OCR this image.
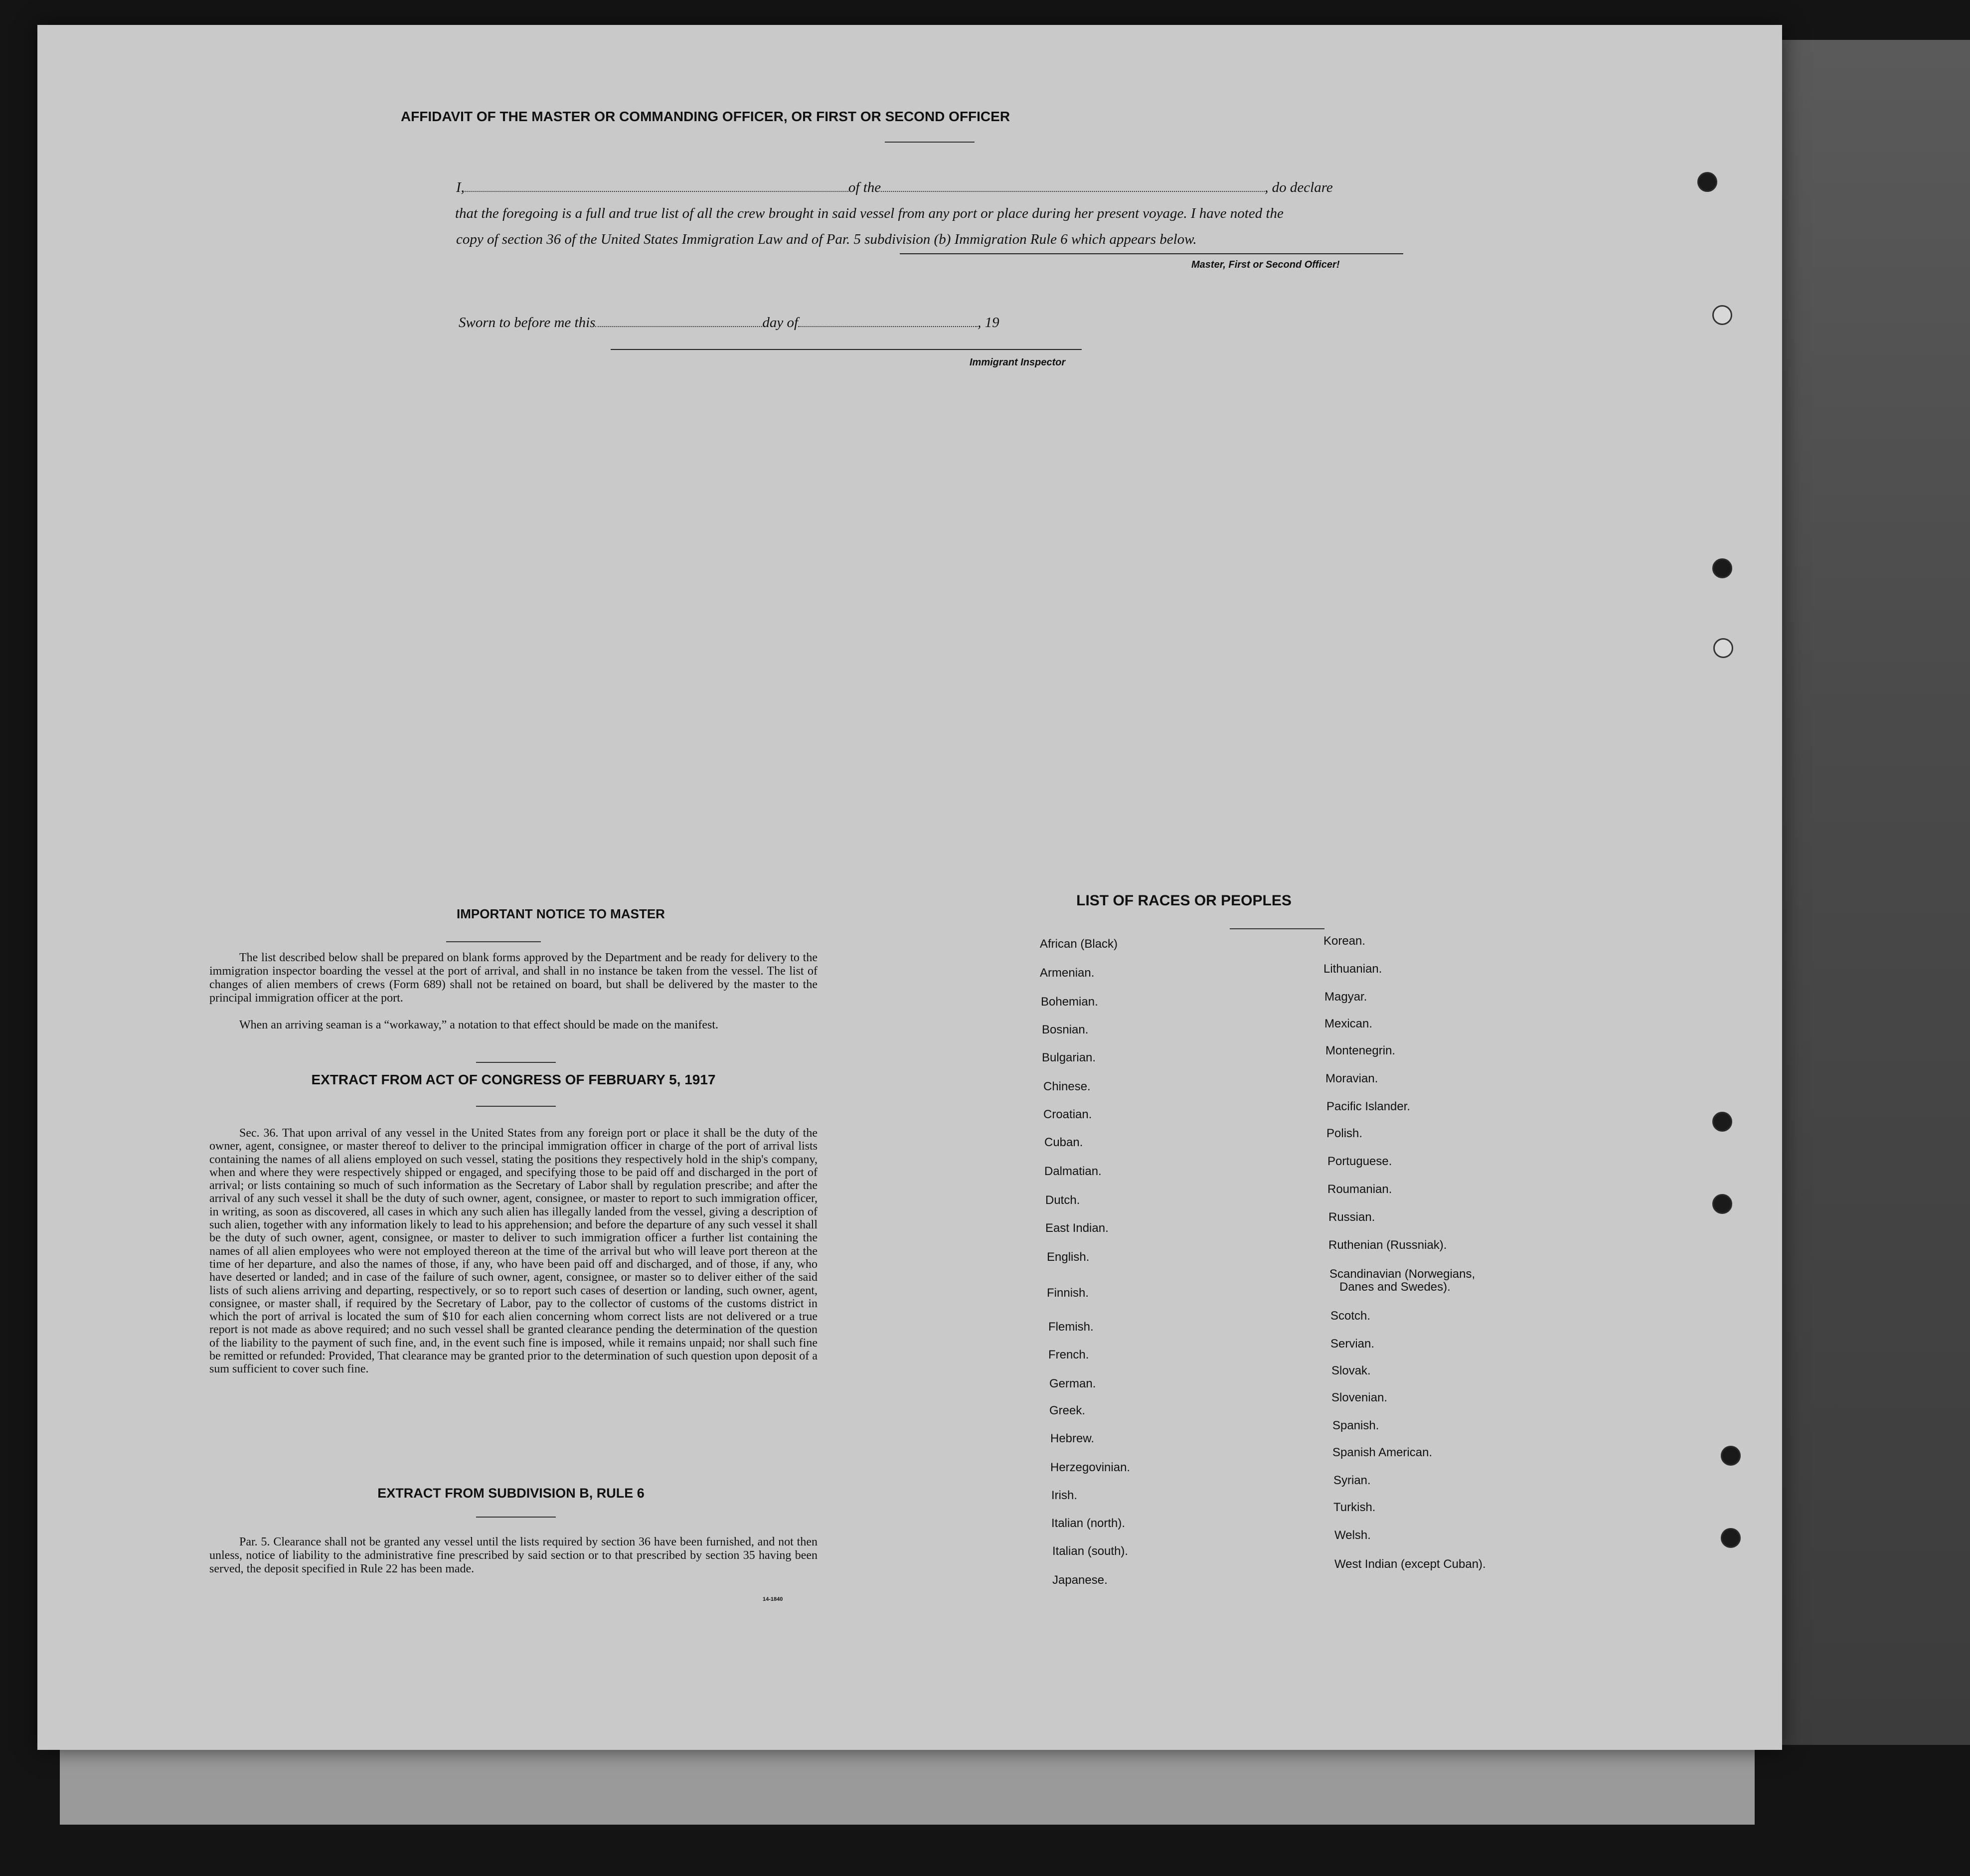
AFFIDAVIT OF THE MASTER OR COMMANDING OFFICER, OR FIRST OR SECOND OFFICER
I,	of the	, do declare
that the foregoing is a full and true list of all the crew brought in said vessel from any port or place during her present voyage. I have noted the
copy of section 36 of the United States Immigration Law and of Par. 5 subdivision (b) Immigration Rule 6 which appears below.
Master, First or Second Officer!
Sworn to before me this	day of	, 19
Immigrant Inspector
IMPORTANT NOTICE TO MASTER
The list described below shall be prepared on blank forms approved by the Department and be ready for delivery to the immigration inspector boarding the vessel at the port of arrival, and shall in no instance be taken from the vessel. The list of changes of alien members of crews (Form 689) shall not be retained on board, but shall be delivered by the master to the principal immigration officer at the port.
When an arriving seaman is a “workaway,” a notation to that effect should be made on the manifest.
EXTRACT FROM ACT OF CONGRESS OF FEBRUARY 5, 1917
Sec. 36. That upon arrival of any vessel in the United States from any foreign port or place it shall be the duty of the owner, agent, consignee, or master thereof to deliver to the principal immigration officer in charge of the port of arrival lists containing the names of all aliens employed on such vessel, stating the positions they respectively hold in the ship's company, when and where they were respectively shipped or engaged, and specifying those to be paid off and discharged in the port of arrival; or lists containing so much of such information as the Secretary of Labor shall by regulation prescribe; and after the arrival of any such vessel it shall be the duty of such owner, agent, consignee, or master to report to such immigration officer, in writing, as soon as discovered, all cases in which any such alien has illegally landed from the vessel, giving a description of such alien, together with any information likely to lead to his apprehension; and before the departure of any such vessel it shall be the duty of such owner, agent, consignee, or master to deliver to such immigration officer a further list containing the names of all alien employees who were not employed thereon at the time of the arrival but who will leave port thereon at the time of her departure, and also the names of those, if any, who have been paid off and discharged, and of those, if any, who have deserted or landed; and in case of the failure of such owner, agent, consignee, or master so to deliver either of the said lists of such aliens arriving and departing, respectively, or so to report such cases of desertion or landing, such owner, agent, consignee, or master shall, if required by the Secretary of Labor, pay to the collector of customs of the customs district in which the port of arrival is located the sum of $10 for each alien concerning whom correct lists are not delivered or a true report is not made as above required; and no such vessel shall be granted clearance pending the determination of the question of the liability to the payment of such fine, and, in the event such fine is imposed, while it remains unpaid; nor shall such fine be remitted or refunded: Provided, That clearance may be granted prior to the determination of such question upon deposit of a sum sufficient to cover such fine.
EXTRACT FROM SUBDIVISION B, RULE 6
Par. 5. Clearance shall not be granted any vessel until the lists required by section 36 have been furnished, and not then unless, notice of liability to the administrative fine prescribed by said section or to that prescribed by section 35 having been served, the deposit specified in Rule 22 has been made.
14-1840
LIST OF RACES OR PEOPLES
African (Black)
Armenian.
Bohemian.
Bosnian.
Bulgarian.
Chinese.
Croatian.
Cuban.
Dalmatian.
Dutch.
East Indian.
English.
Finnish.
Flemish.
French.
German.
Greek.
Hebrew.
Herzegovinian.
Irish.
Italian (north).
Italian (south).
Japanese.
Korean.
Lithuanian.
Magyar.
Mexican.
Montenegrin.
Moravian.
Pacific Islander.
Polish.
Portuguese.
Roumanian.
Russian.
Ruthenian (Russniak).
Scandinavian (Norwegians,
Danes and Swedes).
Scotch.
Servian.
Slovak.
Slovenian.
Spanish.
Spanish American.
Syrian.
Turkish.
Welsh.
West Indian (except Cuban).
